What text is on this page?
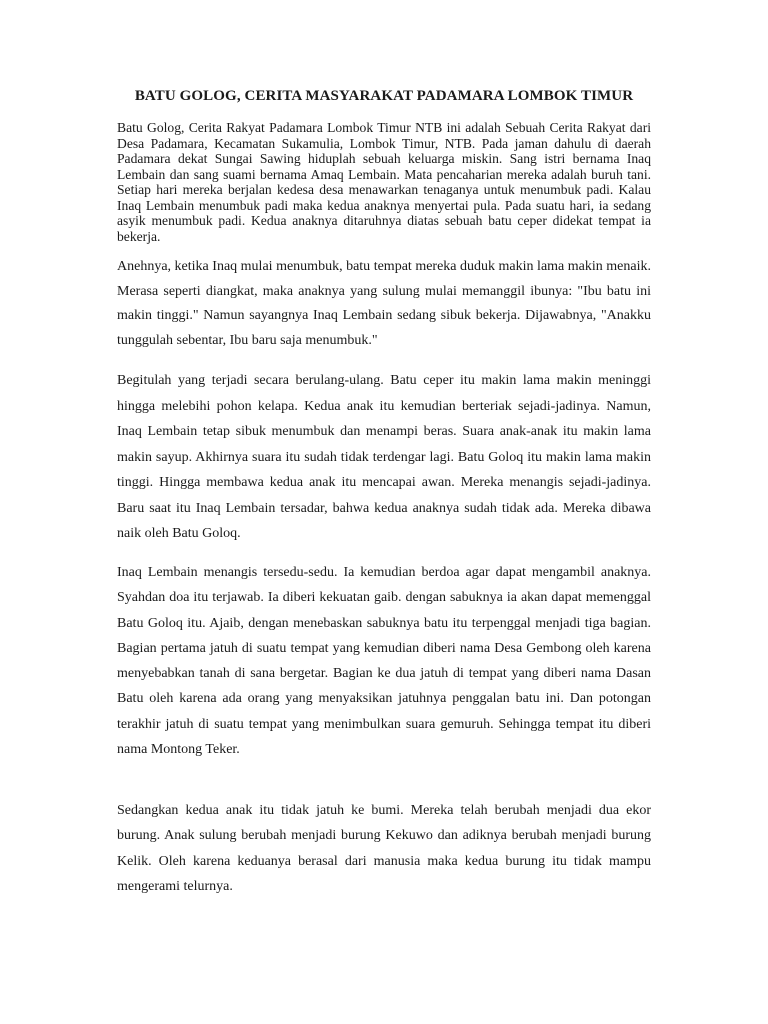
BATU GOLOG, CERITA MASYARAKAT PADAMARA LOMBOK TIMUR

Batu Golog, Cerita Rakyat Padamara Lombok Timur NTB ini adalah Sebuah Cerita Rakyat dari Desa Padamara, Kecamatan Sukamulia, Lombok Timur, NTB. Pada jaman dahulu di daerah Padamara dekat Sungai Sawing hiduplah sebuah keluarga miskin. Sang istri bernama Inaq Lembain dan sang suami bernama Amaq Lembain. Mata pencaharian mereka adalah buruh tani. Setiap hari mereka berjalan kedesa desa menawarkan tenaganya untuk menumbuk padi. Kalau Inaq Lembain menumbuk padi maka kedua anaknya menyertai pula. Pada suatu hari, ia sedang asyik menumbuk padi. Kedua anaknya ditaruhnya diatas sebuah batu ceper didekat tempat ia bekerja.

Anehnya, ketika Inaq mulai menumbuk, batu tempat mereka duduk makin lama makin menaik. Merasa seperti diangkat, maka anaknya yang sulung mulai memanggil ibunya: "Ibu batu ini makin tinggi." Namun sayangnya Inaq Lembain sedang sibuk bekerja. Dijawabnya, "Anakku tunggulah sebentar, Ibu baru saja menumbuk."

Begitulah yang terjadi secara berulang-ulang. Batu ceper itu makin lama makin meninggi hingga melebihi pohon kelapa. Kedua anak itu kemudian berteriak sejadi-jadinya. Namun, Inaq Lembain tetap sibuk menumbuk dan menampi beras. Suara anak-anak itu makin lama makin sayup. Akhirnya suara itu sudah tidak terdengar lagi. Batu Goloq itu makin lama makin tinggi. Hingga membawa kedua anak itu mencapai awan. Mereka menangis sejadi-jadinya. Baru saat itu Inaq Lembain tersadar, bahwa kedua anaknya sudah tidak ada. Mereka dibawa naik oleh Batu Goloq.

Inaq Lembain menangis tersedu-sedu. Ia kemudian berdoa agar dapat mengambil anaknya. Syahdan doa itu terjawab. Ia diberi kekuatan gaib. dengan sabuknya ia akan dapat memenggal Batu Goloq itu. Ajaib, dengan menebaskan sabuknya batu itu terpenggal menjadi tiga bagian. Bagian pertama jatuh di suatu tempat yang kemudian diberi nama Desa Gembong oleh karena menyebabkan tanah di sana bergetar. Bagian ke dua jatuh di tempat yang diberi nama Dasan Batu oleh karena ada orang yang menyaksikan jatuhnya penggalan batu ini. Dan potongan terakhir jatuh di suatu tempat yang menimbulkan suara gemuruh. Sehingga tempat itu diberi nama Montong Teker.

Sedangkan kedua anak itu tidak jatuh ke bumi. Mereka telah berubah menjadi dua ekor burung. Anak sulung berubah menjadi burung Kekuwo dan adiknya berubah menjadi burung Kelik. Oleh karena keduanya berasal dari manusia maka kedua burung itu tidak mampu mengerami telurnya.
